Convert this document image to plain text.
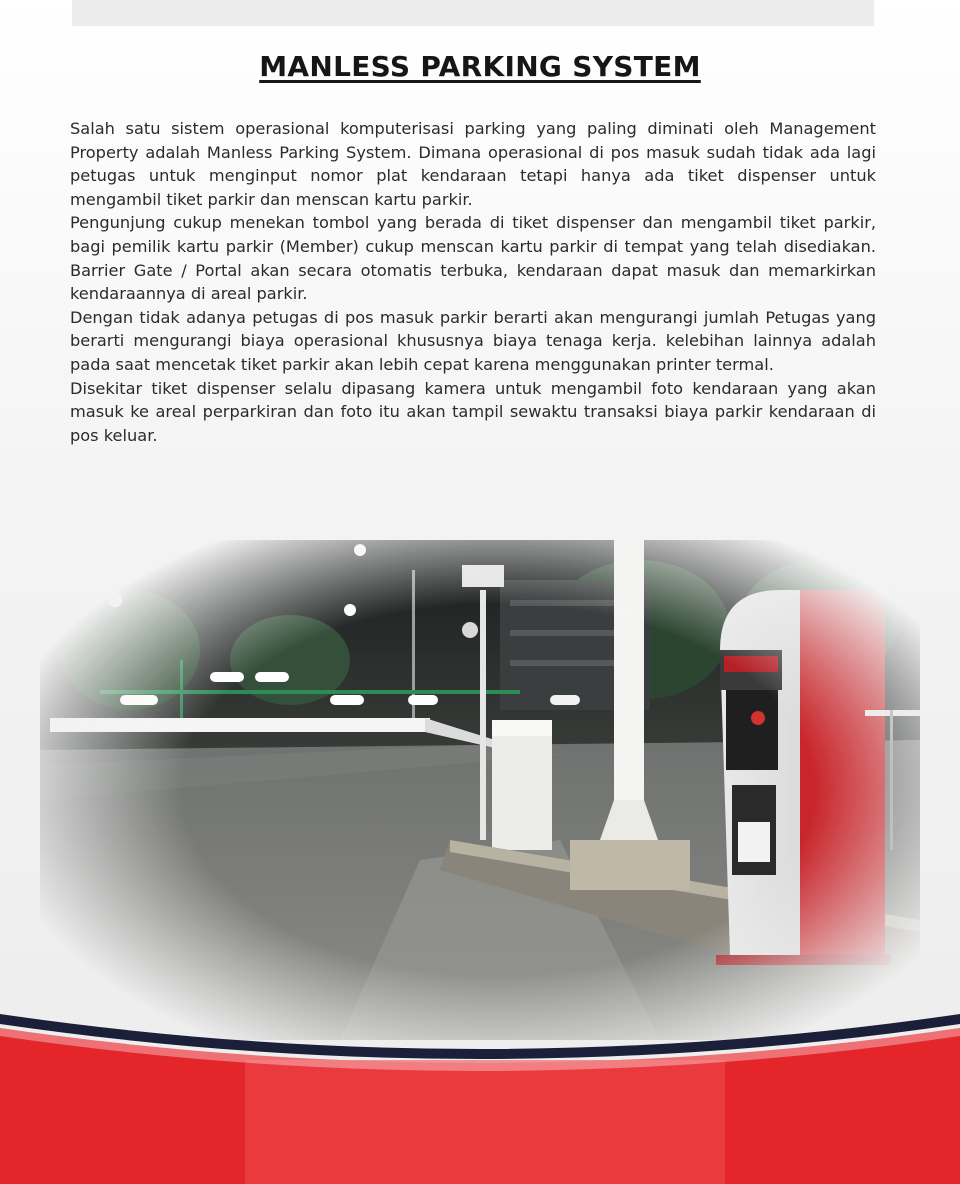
MANLESS PARKING SYSTEM

Salah satu sistem operasional komputerisasi parking yang paling diminati oleh Management Property adalah Manless Parking System. Dimana operasional di pos masuk sudah tidak ada lagi petugas untuk menginput nomor plat kendaraan tetapi hanya ada tiket dispenser untuk mengambil tiket parkir dan menscan kartu parkir.

Pengunjung cukup menekan tombol yang berada di tiket dispenser dan mengambil tiket parkir, bagi pemilik kartu parkir (Member) cukup menscan kartu parkir di tempat yang telah disediakan. Barrier Gate / Portal akan secara otomatis terbuka, kendaraan dapat masuk dan memarkirkan kendaraannya di areal parkir.

Dengan tidak adanya petugas di pos masuk parkir berarti akan mengurangi jumlah Petugas yang berarti mengurangi biaya operasional khususnya biaya tenaga kerja. kelebihan lainnya adalah pada saat mencetak tiket parkir akan lebih cepat karena menggunakan printer termal.

Disekitar tiket dispenser selalu dipasang kamera untuk mengambil foto kendaraan yang akan masuk ke areal perparkiran dan foto itu akan tampil sewaktu transaksi biaya parkir kendaraan di pos keluar.
